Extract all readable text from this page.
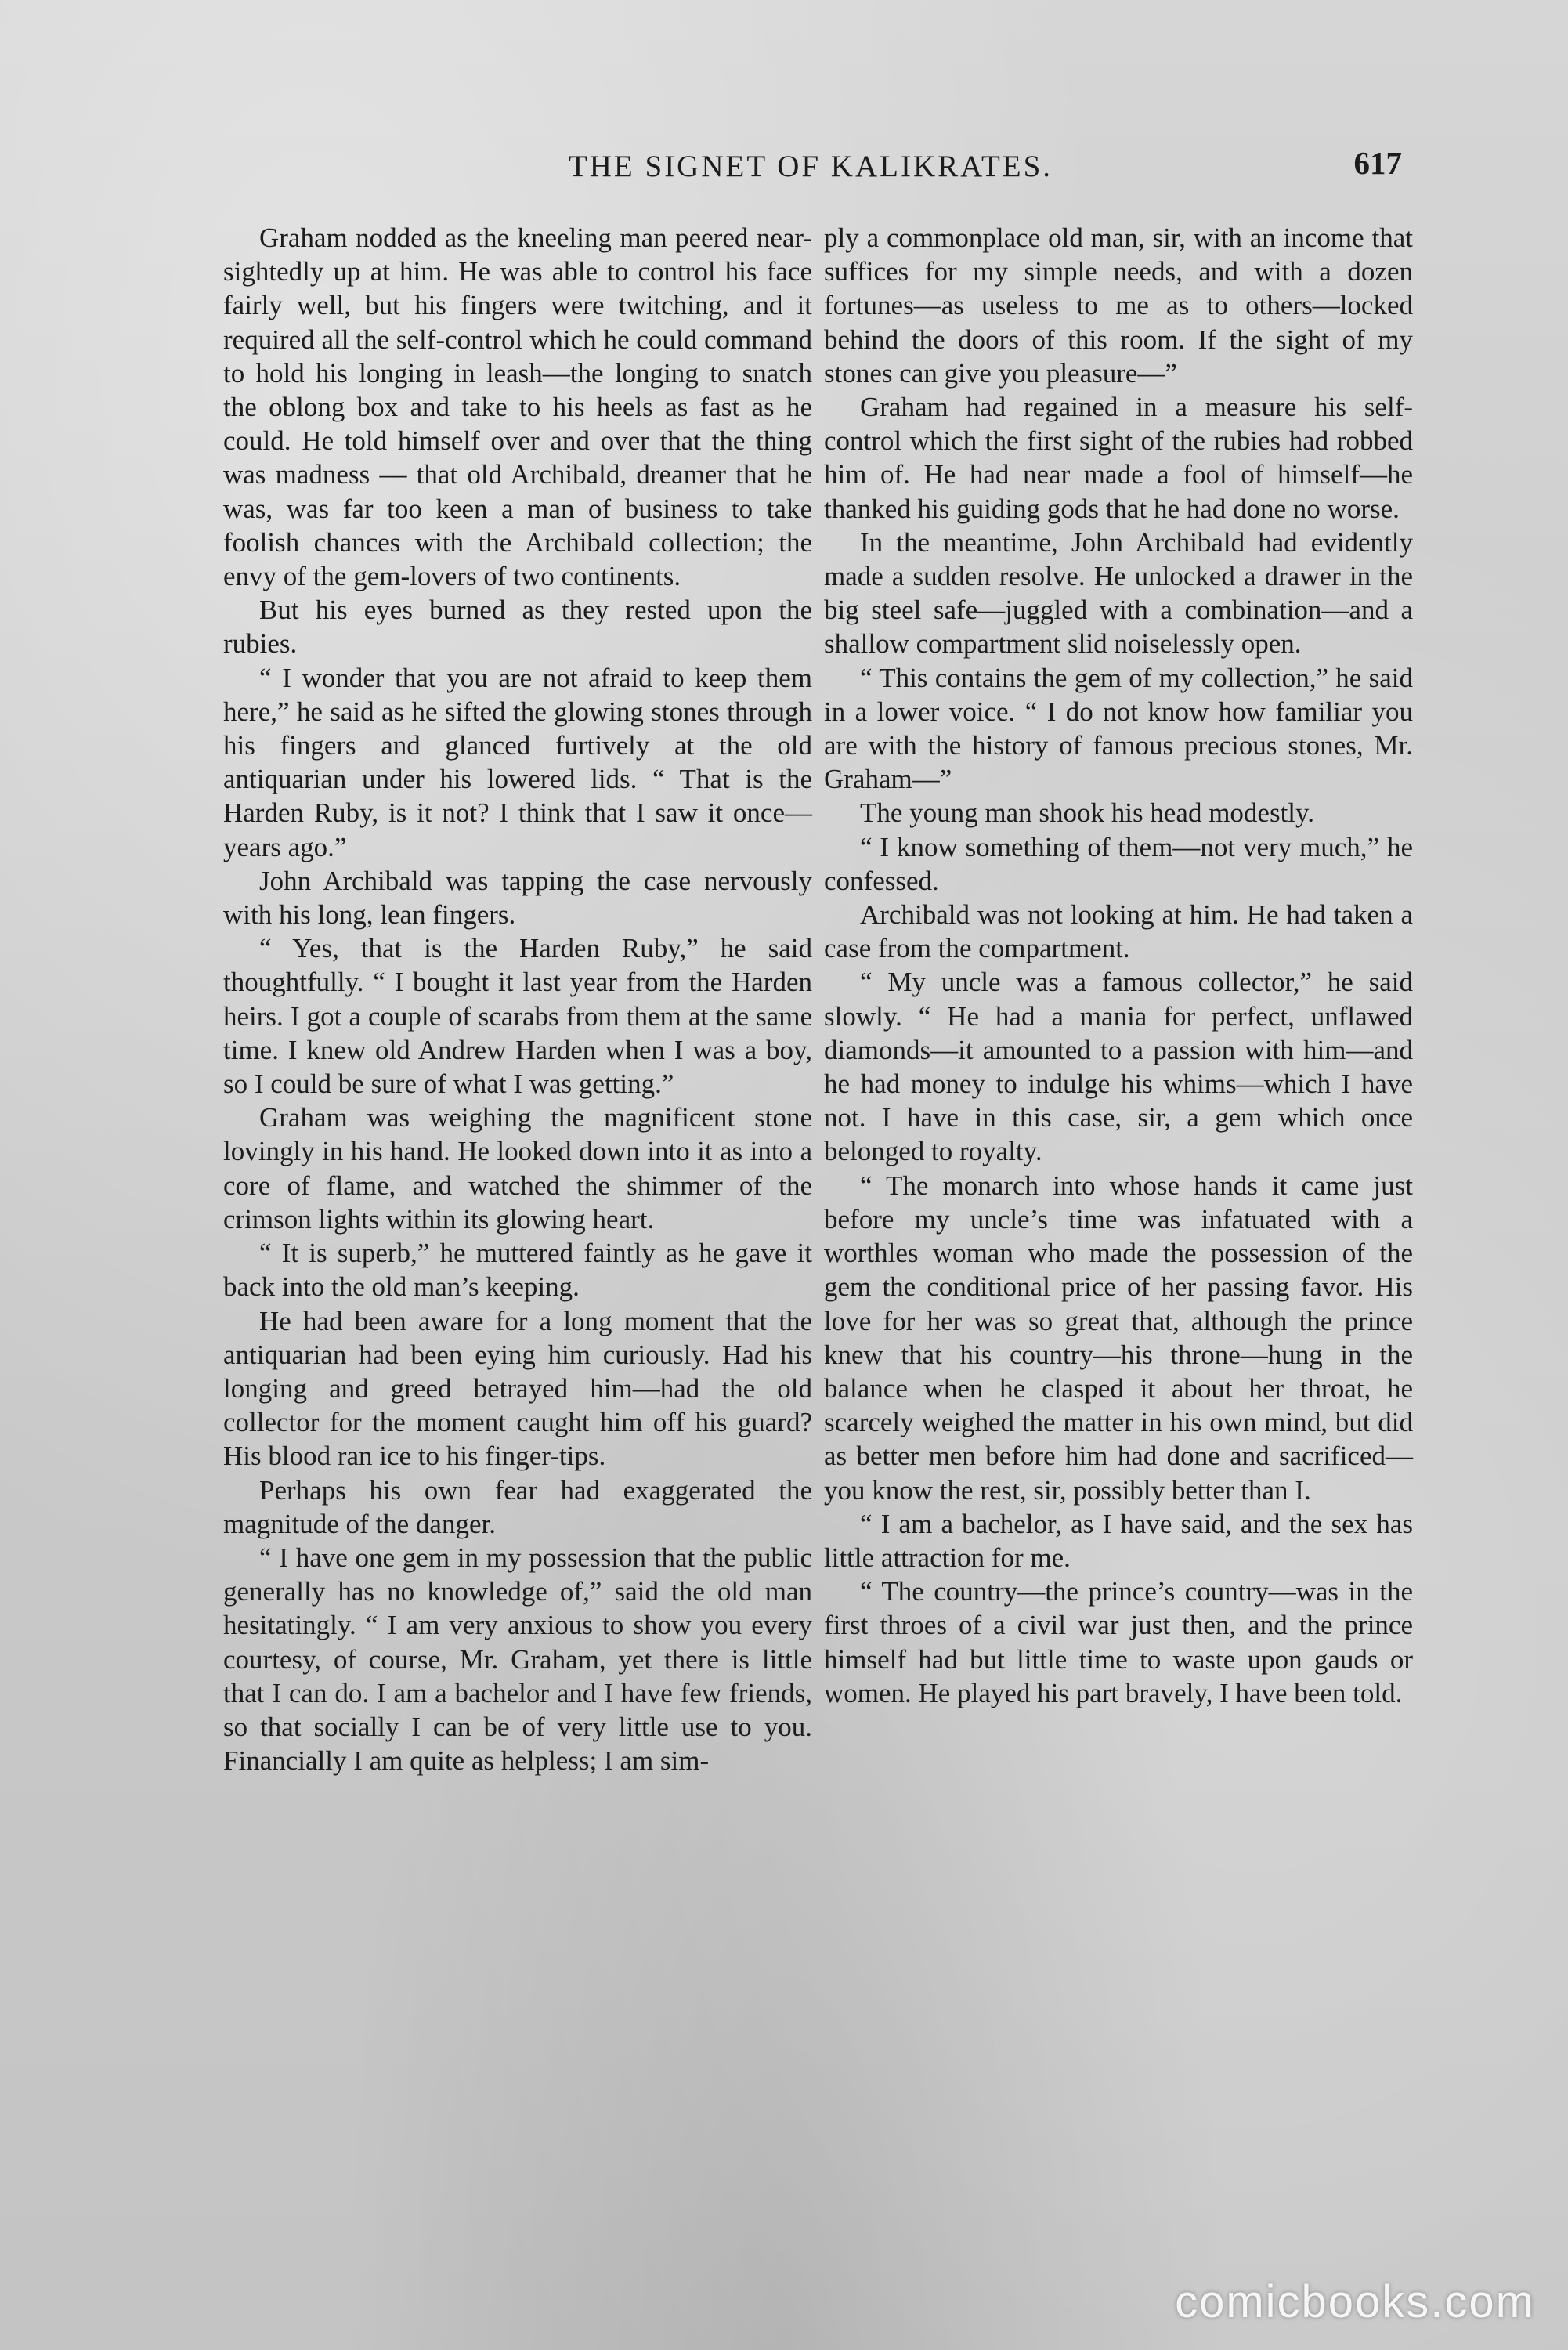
THE SIGNET OF KALIKRATES.	617

Graham nodded as the kneeling man peered near-sightedly up at him. He was able to control his face fairly well, but his fingers were twitching, and it required all the self-control which he could command to hold his longing in leash—the longing to snatch the oblong box and take to his heels as fast as he could. He told himself over and over that the thing was madness — that old Archibald, dreamer that he was, was far too keen a man of business to take foolish chances with the Archibald collection; the envy of the gem-lovers of two continents.

But his eyes burned as they rested upon the rubies.

“ I wonder that you are not afraid to keep them here,” he said as he sifted the glowing stones through his fingers and glanced furtively at the old antiquarian under his lowered lids. “ That is the Harden Ruby, is it not? I think that I saw it once—years ago.”

John Archibald was tapping the case nervously with his long, lean fingers.

“ Yes, that is the Harden Ruby,” he said thoughtfully. “ I bought it last year from the Harden heirs. I got a couple of scarabs from them at the same time. I knew old Andrew Harden when I was a boy, so I could be sure of what I was getting.”

Graham was weighing the magnificent stone lovingly in his hand. He looked down into it as into a core of flame, and watched the shimmer of the crimson lights within its glowing heart.

“ It is superb,” he muttered faintly as he gave it back into the old man’s keeping.

He had been aware for a long moment that the antiquarian had been eying him curiously. Had his longing and greed betrayed him—had the old collector for the moment caught him off his guard? His blood ran ice to his finger-tips.

Perhaps his own fear had exaggerated the magnitude of the danger.

“ I have one gem in my possession that the public generally has no knowledge of,” said the old man hesitatingly. “ I am very anxious to show you every courtesy, of course, Mr. Graham, yet there is little that I can do. I am a bachelor and I have few friends, so that socially I can be of very little use to you. Financially I am quite as helpless; I am sim-

ply a commonplace old man, sir, with an income that suffices for my simple needs, and with a dozen fortunes—as useless to me as to others—locked behind the doors of this room. If the sight of my stones can give you pleasure—”

Graham had regained in a measure his self-control which the first sight of the rubies had robbed him of. He had near made a fool of himself—he thanked his guiding gods that he had done no worse.

In the meantime, John Archibald had evidently made a sudden resolve. He unlocked a drawer in the big steel safe—juggled with a combination—and a shallow compartment slid noiselessly open.

“ This contains the gem of my collection,” he said in a lower voice. “ I do not know how familiar you are with the history of famous precious stones, Mr. Graham—”

The young man shook his head modestly.

“ I know something of them—not very much,” he confessed.

Archibald was not looking at him. He had taken a case from the compartment.

“ My uncle was a famous collector,” he said slowly. “ He had a mania for perfect, unflawed diamonds—it amounted to a passion with him—and he had money to indulge his whims—which I have not. I have in this case, sir, a gem which once belonged to royalty.

“ The monarch into whose hands it came just before my uncle’s time was infatuated with a worthles woman who made the possession of the gem the conditional price of her passing favor. His love for her was so great that, although the prince knew that his country—his throne—hung in the balance when he clasped it about her throat, he scarcely weighed the matter in his own mind, but did as better men before him had done and sacrificed—you know the rest, sir, possibly better than I.

“ I am a bachelor, as I have said, and the sex has little attraction for me.

“ The country—the prince’s country—was in the first throes of a civil war just then, and the prince himself had but little time to waste upon gauds or women. He played his part bravely, I have been told.

comicbooks.com
